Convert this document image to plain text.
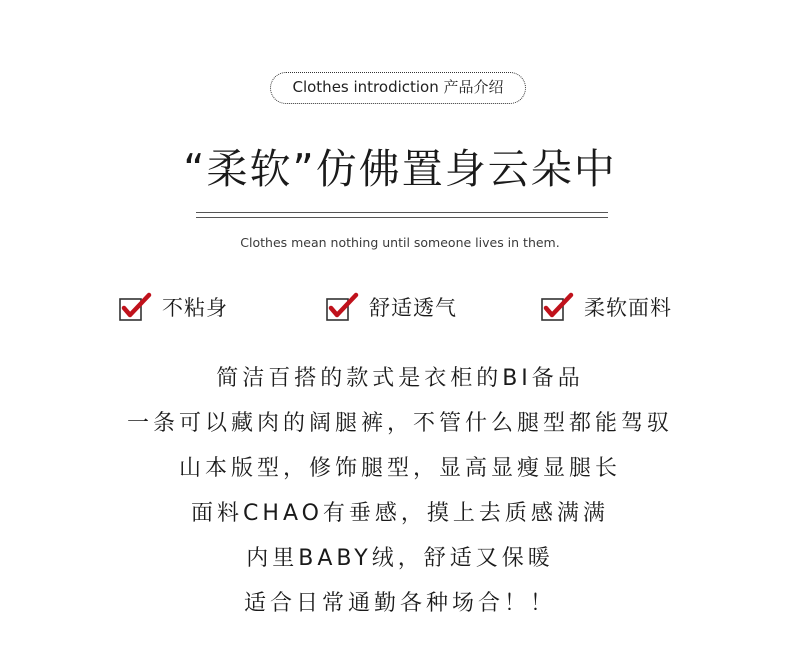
Clothes introdiction 产品介绍
“柔软”仿佛置身云朵中
Clothes mean nothing until someone lives in them.
不粘身	舒适透气	柔软面料
简洁百搭的款式是衣柜的BI备品
一条可以藏肉的阔腿裤，不管什么腿型都能驾驭
山本版型，修饰腿型，显高显瘦显腿长
面料CHAO有垂感，摸上去质感满满
内里BABY绒，舒适又保暖
适合日常通勤各种场合！！
